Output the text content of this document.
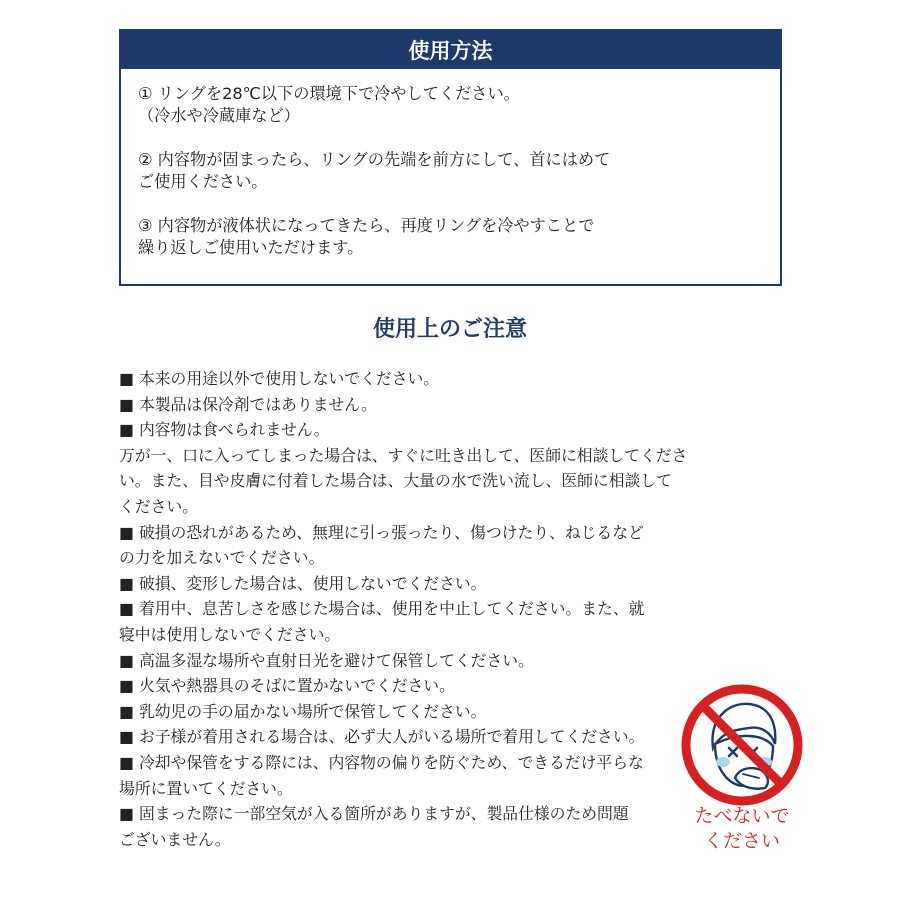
使用方法
① リングを28℃以下の環境下で冷やしてください。
（冷水や冷蔵庫など）
② 内容物が固まったら、リングの先端を前方にして、首にはめて
ご使用ください。
③ 内容物が液体状になってきたら、再度リングを冷やすことで
繰り返しご使用いただけます。
使用上のご注意
■ 本来の用途以外で使用しないでください。
■ 本製品は保冷剤ではありません。
■ 内容物は食べられません。
万が一、口に入ってしまった場合は、すぐに吐き出して、医師に相談してくださ
い。また、目や皮膚に付着した場合は、大量の水で洗い流し、医師に相談して
ください。
■ 破損の恐れがあるため、無理に引っ張ったり、傷つけたり、ねじるなど
の力を加えないでください。
■ 破損、変形した場合は、使用しないでください。
■ 着用中、息苦しさを感じた場合は、使用を中止してください。また、就
寝中は使用しないでください。
■ 高温多湿な場所や直射日光を避けて保管してください。
■ 火気や熱器具のそばに置かないでください。
■ 乳幼児の手の届かない場所で保管してください。
■ お子様が着用される場合は、必ず大人がいる場所で着用してください。
■ 冷却や保管をする際には、内容物の偏りを防ぐため、できるだけ平らな
場所に置いてください。
■ 固まった際に一部空気が入る箇所がありますが、製品仕様のため問題
ございません。
たべないで
ください
